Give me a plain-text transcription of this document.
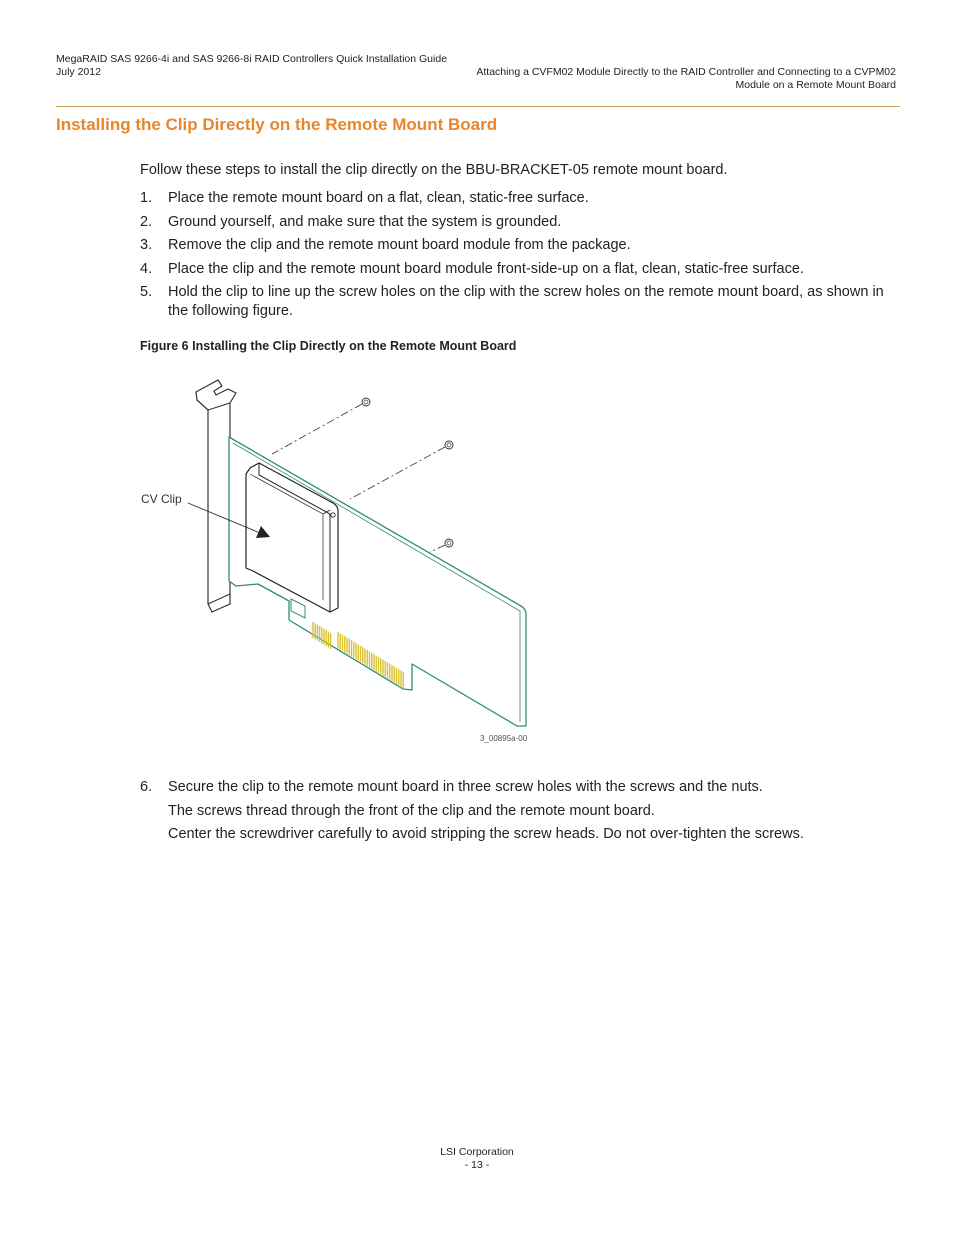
MegaRAID SAS 9266-4i and SAS 9266-8i RAID Controllers Quick Installation Guide
July 2012	Attaching a CVFM02 Module Directly to the RAID Controller and Connecting to a CVPM02
Module on a Remote Mount Board
Installing the Clip Directly on the Remote Mount Board
Follow these steps to install the clip directly on the BBU-BRACKET-05 remote mount board.
1. Place the remote mount board on a flat, clean, static-free surface.
2. Ground yourself, and make sure that the system is grounded.
3. Remove the clip and the remote mount board module from the package.
4. Place the clip and the remote mount board module front-side-up on a flat, clean, static-free surface.
5. Hold the clip to line up the screw holes on the clip with the screw holes on the remote mount board, as shown in the following figure.
Figure 6 Installing the Clip Directly on the Remote Mount Board
CV Clip
3_00895a-00
6. Secure the clip to the remote mount board in three screw holes with the screws and the nuts.
The screws thread through the front of the clip and the remote mount board.
Center the screwdriver carefully to avoid stripping the screw heads. Do not over-tighten the screws.
LSI Corporation
- 13 -
